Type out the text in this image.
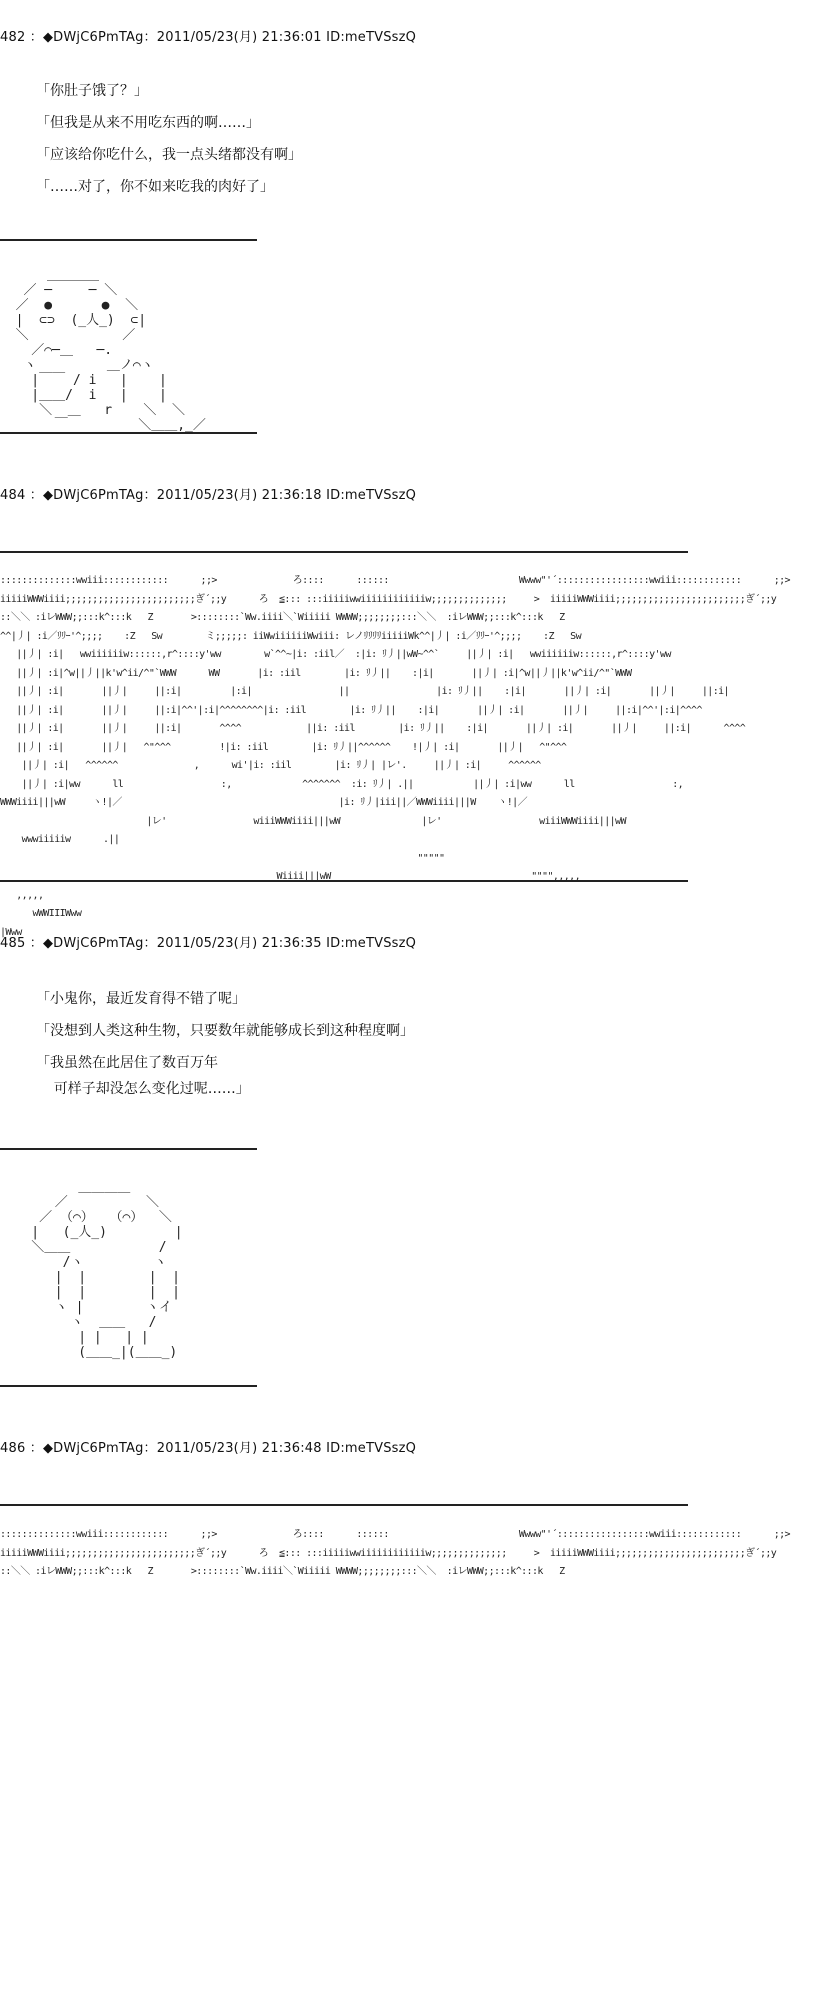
482 ：◆DWjC6PmTAg：2011/05/23(月) 21:36:01 ID:meTVSszQ
「你肚子饿了？」
「但我是从来不用吃东西的啊……」
「应该给你吃什么，我一点头绪都没有啊」
「……对了，你不如来吃我的肉好了」
＿＿＿＿
／ ─　   ─ ＼
／  ●　　   ●  ＼
|  ⊂⊃  (_人_)  ⊂|
＼　　　　　　  ／
／⌒─＿   ─.
ヽ         ＿ノ⌒ヽ
|￣￣ / i   |    |
|＿＿/  i   |    |
＼  ＿   r    ＼  ＼
￣         ＼＿＿,_／
484 ：◆DWjC6PmTAg：2011/05/23(月) 21:36:18 ID:meTVSszQ
::::::::::::::wwiii::::::::::::      ;;>              ろ::::      ::::::                        Wwww"'´:::::::::::::::::wwiii::::::::::::      ;;>
iiiiiWWWiiii;;;;;;;;;;;;;;;;;;;;;;;;ぎ´;;y      ろ  ≦::: :::iiiiiwwiiiiiiiiiiiiw;;;;;;;;;;;;;;     >  iiiiiWWWiiii;;;;;;;;;;;;;;;;;;;;;;;;ぎ´;;y
::＼＼ :iレWWW;;:::k^:::k   Z       >::::::::`Ww.iiii＼`Wiiiii WWWW;;;;;;;;:::＼＼  :iレWWW;;:::k^:::k   Z
^^|丿| :i／ﾘﾘｰ'^;;;;    :Z   Sw        ミ;;;;;: iiWwiiiiiiWwiii: レノﾘﾘﾘﾘiiiiiWk^^|丿| :i／ﾘﾘｰ'^;;;;    :Z   Sw
||丿| :i|   wwiiiiiiw::::::,r^::::y'ww        w`^^~|i: :iil／  :|i: ﾘ丿||wW~^^`     ||丿| :i|   wwiiiiiiw::::::,r^::::y'ww
||丿| :i|^w||丿||k'w^ii/^"`WWW      WW       |i: :iil        |i: ﾘ丿||    :|i|       ||丿| :i|^w||丿||k'w^ii/^"`WWW
||丿| :i|       ||丿|     ||:i|         |:i|                ||                |i: ﾘ丿||    :|i|       ||丿| :i|       ||丿|     ||:i|
||丿| :i|       ||丿|     ||:i|^^'|:i|^^^^^^^^|i: :iil        |i: ﾘ丿||    :|i|       ||丿| :i|       ||丿|     ||:i|^^'|:i|^^^^
||丿| :i|       ||丿|     ||:i|       ^^^^            ||i: :iil        |i: ﾘ丿||    :|i|       ||丿| :i|       ||丿|     ||:i|      ^^^^
||丿| :i|       ||丿|   ^"^^^         !|i: :iil        |i: ﾘ丿||^^^^^^    !|丿| :i|       ||丿|   ^"^^^
||丿| :i|   ^^^^^^              ,      wi'|i: :iil        |i: ﾘ丿| |レ'.     ||丿| :i|     ^^^^^^
||丿| :i|ww      ll                  :,             ^^^^^^^  :i: ﾘ丿| .||           ||丿| :i|ww      ll                  :,
WWWiiii|||wW     ヽ!|／                                        |i: ﾘ丿|iii||／WWWiiii|||W    ヽ!|／
|レ'                wiiiWWWiiii|||wW               |レ'                  wiiiWWWiiii|||wW
wwwiiiiiw      .||
"""""
Wiiii|||wW                                     """",,,,,
,,,,,
wWWIIIWww
|Www
485 ：◆DWjC6PmTAg：2011/05/23(月) 21:36:35 ID:meTVSszQ
「小鬼你，最近发育得不错了呢」
「没想到人类这种生物，只要数年就能够成长到这种程度啊」
「我虽然在此居住了数百万年
可样子却没怎么变化过呢……」
＿＿＿＿
／          ＼
／ （⌒）  （⌒）  ＼
|   (_人_)    　   |
＼＿＿　　　　　   /
/ヽ         ヽ
|  |        |  |
|  |        |  |
ヽ |        ヽイ
ヽ  ＿＿   /
| |   | |
(＿＿_|(＿＿_)
486 ：◆DWjC6PmTAg：2011/05/23(月) 21:36:48 ID:meTVSszQ
::::::::::::::wwiii::::::::::::      ;;>              ろ::::      ::::::                        Wwww"'´:::::::::::::::::wwiii::::::::::::      ;;>
iiiiiWWWiiii;;;;;;;;;;;;;;;;;;;;;;;;ぎ´;;y      ろ  ≦::: :::iiiiiwwiiiiiiiiiiiiw;;;;;;;;;;;;;;     >  iiiiiWWWiiii;;;;;;;;;;;;;;;;;;;;;;;;ぎ´;;y
::＼＼ :iレWWW;;:::k^:::k   Z       >::::::::`Ww.iiii＼`Wiiiii WWWW;;;;;;;;:::＼＼  :iレWWW;;:::k^:::k   Z
